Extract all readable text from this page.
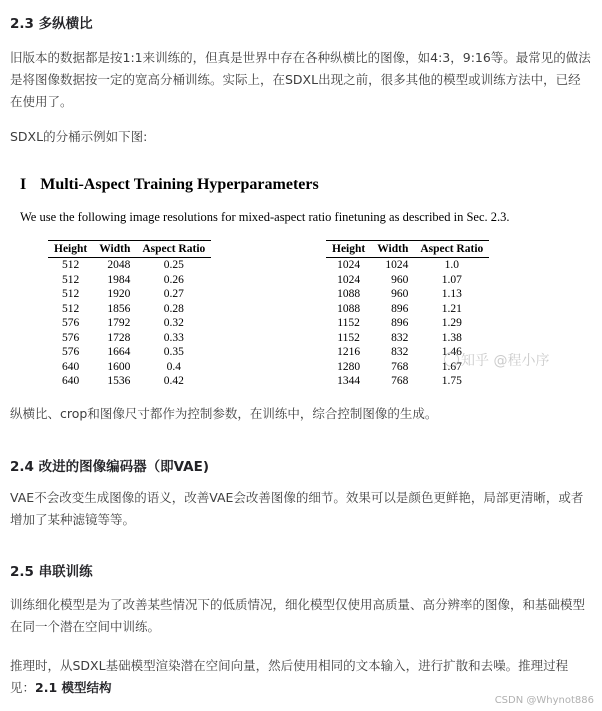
2.3 多纵横比

旧版本的数据都是按1:1来训练的，但真是世界中存在各种纵横比的图像，如4:3，9:16等。最常见的做法是将图像数据按一定的宽高分桶训练。实际上，在SDXL出现之前，很多其他的模型或训练方法中，已经在使用了。

SDXL的分桶示例如下图:

I Multi-Aspect Training Hyperparameters
We use the following image resolutions for mixed-aspect ratio finetuning as described in Sec. 2.3.
Height	Width	Aspect Ratio
512	2048	0.25
512	1984	0.26
512	1920	0.27
512	1856	0.28
576	1792	0.32
576	1728	0.33
576	1664	0.35
640	1600	0.4
640	1536	0.42
Height	Width	Aspect Ratio
1024	1024	1.0
1024	960	1.07
1088	960	1.13
1088	896	1.21
1152	896	1.29
1152	832	1.38
1216	832	1.46
1280	768	1.67
1344	768	1.75
知乎 @程小序

纵横比、crop和图像尺寸都作为控制参数，在训练中，综合控制图像的生成。

2.4 改进的图像编码器（即VAE)

VAE不会改变生成图像的语义，改善VAE会改善图像的细节。效果可以是颜色更鲜艳，局部更清晰，或者增加了某种滤镜等等。

2.5 串联训练

训练细化模型是为了改善某些情况下的低质情况，细化模型仅使用高质量、高分辨率的图像，和基础模型在同一个潜在空间中训练。

推理时，从SDXL基础模型渲染潜在空间向量，然后使用相同的文本输入，进行扩散和去噪。推理过程见：2.1 模型结构

CSDN @Whynot886
